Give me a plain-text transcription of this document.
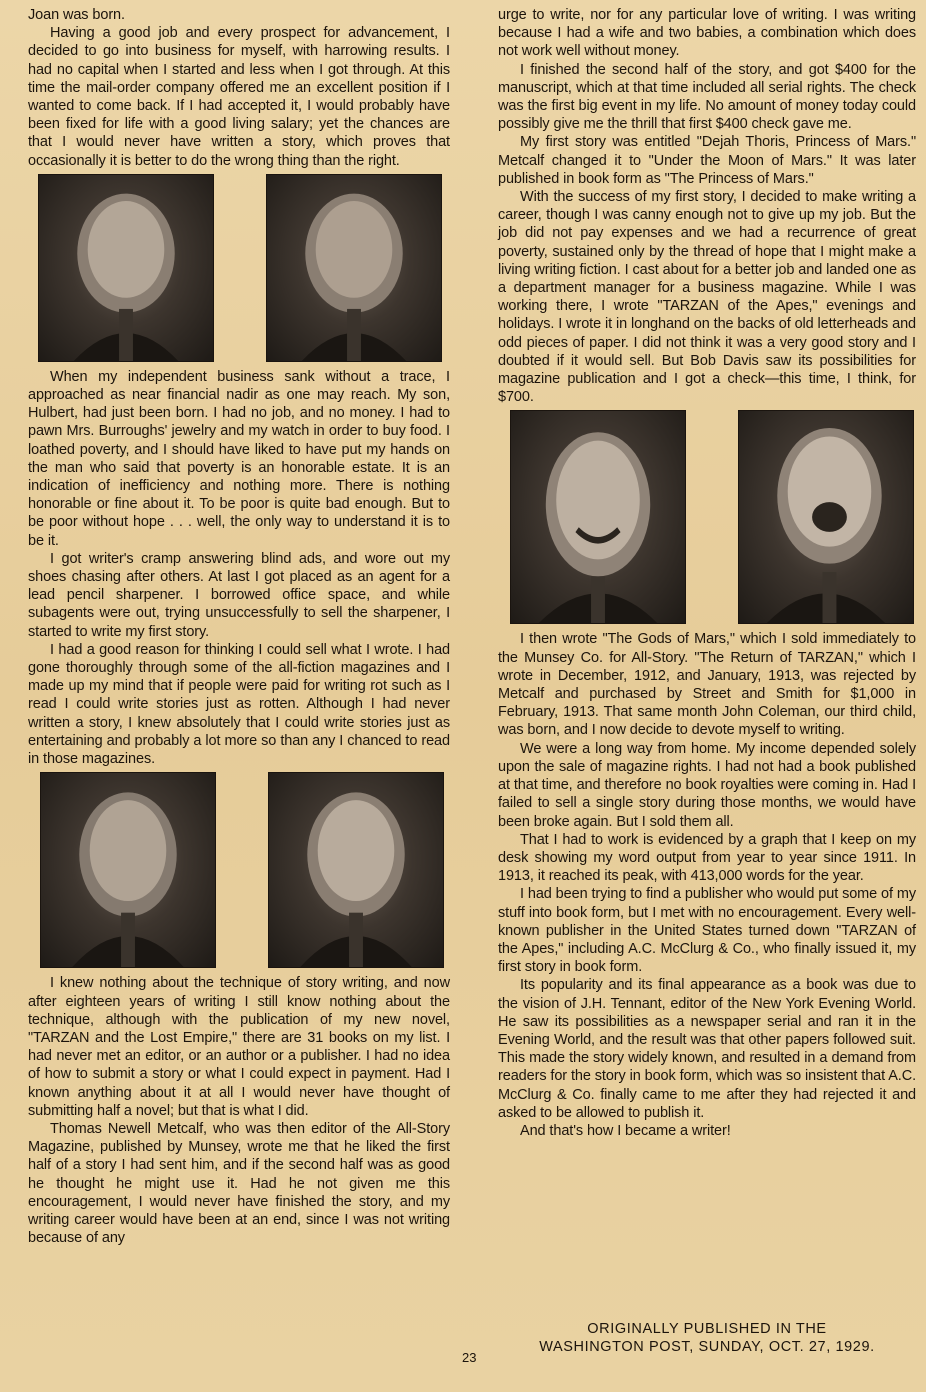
Joan was born.

Having a good job and every prospect for advancement, I decided to go into business for myself, with harrowing results. I had no capital when I started and less when I got through. At this time the mail-order company offered me an excellent position if I wanted to come back. If I had accepted it, I would probably have been fixed for life with a good living salary; yet the chances are that I would never have written a story, which proves that occasionally it is better to do the wrong thing than the right.

When my independent business sank without a trace, I approached as near financial nadir as one may reach. My son, Hulbert, had just been born. I had no job, and no money. I had to pawn Mrs. Burroughs' jewelry and my watch in order to buy food. I loathed poverty, and I should have liked to have put my hands on the man who said that poverty is an honorable estate. It is an indication of inefficiency and nothing more. There is nothing honorable or fine about it. To be poor is quite bad enough. But to be poor without hope . . . well, the only way to understand it is to be it.

I got writer's cramp answering blind ads, and wore out my shoes chasing after others. At last I got placed as an agent for a lead pencil sharpener. I borrowed office space, and while subagents were out, trying unsuccessfully to sell the sharpener, I started to write my first story.

I had a good reason for thinking I could sell what I wrote. I had gone thoroughly through some of the all-fiction magazines and I made up my mind that if people were paid for writing rot such as I read I could write stories just as rotten. Although I had never written a story, I knew absolutely that I could write stories just as entertaining and probably a lot more so than any I chanced to read in those magazines.

I knew nothing about the technique of story writing, and now after eighteen years of writing I still know nothing about the technique, although with the publication of my new novel, "TARZAN and the Lost Empire," there are 31 books on my list. I had never met an editor, or an author or a publisher. I had no idea of how to submit a story or what I could expect in payment. Had I known anything about it at all I would never have thought of submitting half a novel; but that is what I did.

Thomas Newell Metcalf, who was then editor of the All-Story Magazine, published by Munsey, wrote me that he liked the first half of a story I had sent him, and if the second half was as good he thought he might use it. Had he not given me this encouragement, I would never have finished the story, and my writing career would have been at an end, since I was not writing because of any

urge to write, nor for any particular love of writing. I was writing because I had a wife and two babies, a combination which does not work well without money.

I finished the second half of the story, and got $400 for the manuscript, which at that time included all serial rights. The check was the first big event in my life. No amount of money today could possibly give me the thrill that first $400 check gave me.

My first story was entitled "Dejah Thoris, Princess of Mars." Metcalf changed it to "Under the Moon of Mars." It was later published in book form as "The Princess of Mars."

With the success of my first story, I decided to make writing a career, though I was canny enough not to give up my job. But the job did not pay expenses and we had a recurrence of great poverty, sustained only by the thread of hope that I might make a living writing fiction. I cast about for a better job and landed one as a department manager for a business magazine. While I was working there, I wrote "TARZAN of the Apes," evenings and holidays. I wrote it in longhand on the backs of old letterheads and odd pieces of paper. I did not think it was a very good story and I doubted if it would sell. But Bob Davis saw its possibilities for magazine publication and I got a check—this time, I think, for $700.

I then wrote "The Gods of Mars," which I sold immediately to the Munsey Co. for All-Story. "The Return of TARZAN," which I wrote in December, 1912, and January, 1913, was rejected by Metcalf and purchased by Street and Smith for $1,000 in February, 1913. That same month John Coleman, our third child, was born, and I now decide to devote myself to writing.

We were a long way from home. My income depended solely upon the sale of magazine rights. I had not had a book published at that time, and therefore no book royalties were coming in. Had I failed to sell a single story during those months, we would have been broke again. But I sold them all.

That I had to work is evidenced by a graph that I keep on my desk showing my word output from year to year since 1911. In 1913, it reached its peak, with 413,000 words for the year.

I had been trying to find a publisher who would put some of my stuff into book form, but I met with no encouragement. Every well-known publisher in the United States turned down "TARZAN of the Apes," including A.C. McClurg & Co., who finally issued it, my first story in book form.

Its popularity and its final appearance as a book was due to the vision of J.H. Tennant, editor of the New York Evening World. He saw its possibilities as a newspaper serial and ran it in the Evening World, and the result was that other papers followed suit. This made the story widely known, and resulted in a demand from readers for the story in book form, which was so insistent that A.C. McClurg & Co. finally came to me after they had rejected it and asked to be allowed to publish it.

And that's how I became a writer!

ORIGINALLY PUBLISHED IN THE
WASHINGTON POST, SUNDAY, OCT. 27, 1929.
23
